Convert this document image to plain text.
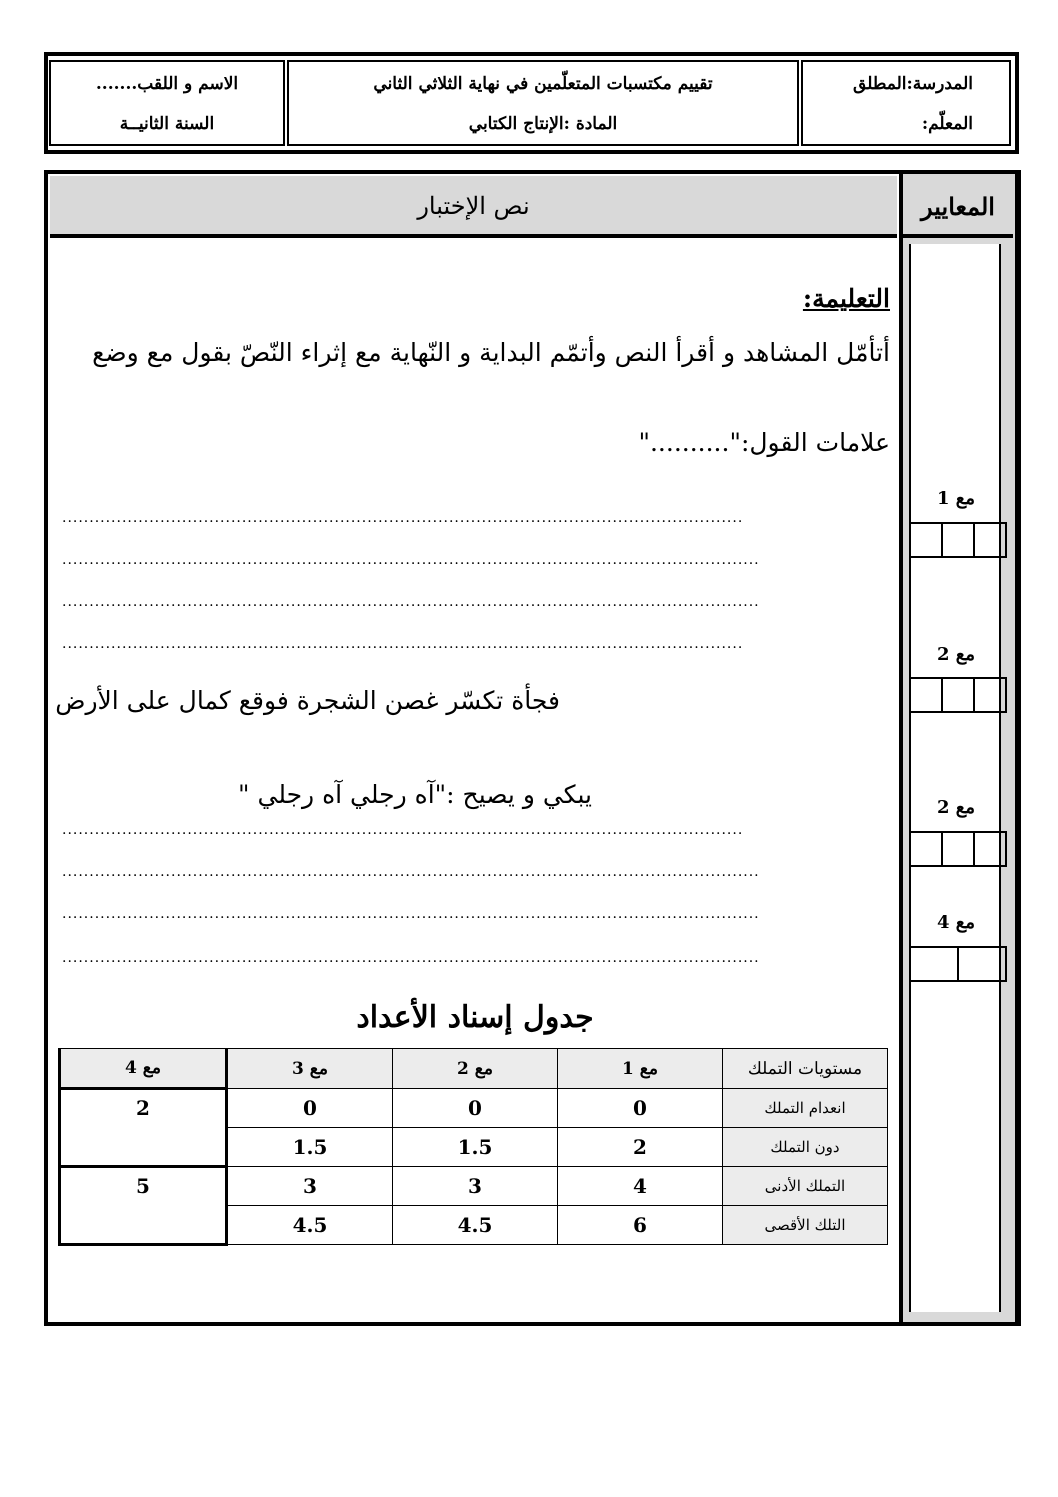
المدرسة:المطلق
المعلّم:
تقييم مكتسبات المتعلّمين في نهاية الثلاثي الثاني
المادة :الإنتاج الكتابي
الاسم و اللقب.......
السنة الثانيــة
نص الإختبار	المعايير
مع 1
مع 2
مع 2
مع 4
التعليمة:
أتأمّل المشاهد و أقرأ النص وأتمّم البداية و النّهاية مع إثراء النّصّ بقول مع وضع
علامات القول:".........."
.............................................................................................................................
................................................................................................................................
................................................................................................................................
.............................................................................................................................
فجأة تكسّر غصن الشجرة فوقع كمال على الأرض
يبكي و يصيح :"آه رجلي آه رجلي "
.............................................................................................................................
................................................................................................................................
................................................................................................................................
................................................................................................................................
جدول إسناد الأعداد
مستويات التملك	مع 1	مع 2	مع 3	مع 4
انعدام التملك	0	0	0	2
دون التملك	2	1.5	1.5	
التملك الأدنى	4	3	3	5
التلك الأقصى	6	4.5	4.5	
